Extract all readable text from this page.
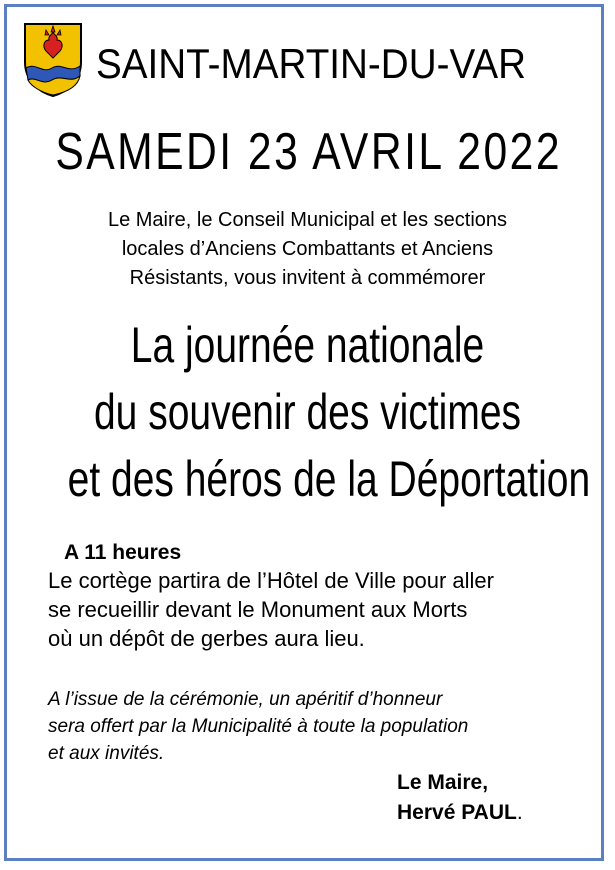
SAINT-MARTIN-DU-VAR
SAMEDI 23 AVRIL 2022
Le Maire, le Conseil Municipal et les sections
locales d’Anciens Combattants et Anciens
Résistants, vous invitent à commémorer
La journée nationale
du souvenir des victimes
et des héros de la Déportation
A 11 heures
Le cortège partira de l’Hôtel de Ville pour aller
se recueillir devant le Monument aux Morts
où un dépôt de gerbes aura lieu.
A l’issue de la cérémonie, un apéritif d’honneur
sera offert par la Municipalité à toute la population
et aux invités.
Le Maire,
Hervé PAUL.
